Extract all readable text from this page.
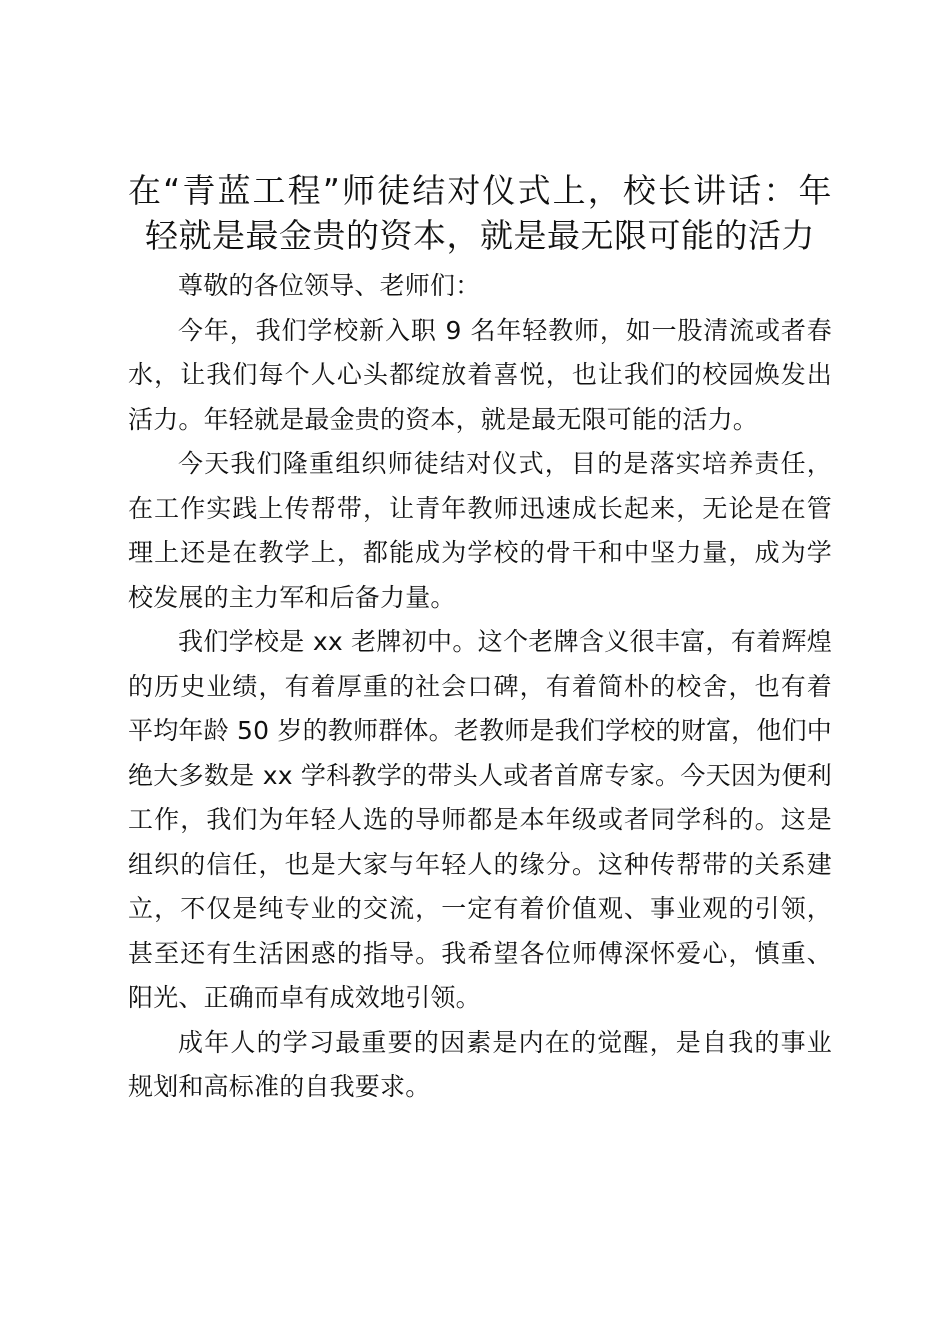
在“青蓝工程”师徒结对仪式上，校长讲话：年轻就是最金贵的资本，就是最无限可能的活力

尊敬的各位领导、老师们：

今年，我们学校新入职 9 名年轻教师，如一股清流或者春水，让我们每个人心头都绽放着喜悦，也让我们的校园焕发出活力。年轻就是最金贵的资本，就是最无限可能的活力。

今天我们隆重组织师徒结对仪式，目的是落实培养责任，在工作实践上传帮带，让青年教师迅速成长起来，无论是在管理上还是在教学上，都能成为学校的骨干和中坚力量，成为学校发展的主力军和后备力量。

我们学校是 xx 老牌初中。这个老牌含义很丰富，有着辉煌的历史业绩，有着厚重的社会口碑，有着简朴的校舍，也有着平均年龄 50 岁的教师群体。老教师是我们学校的财富，他们中绝大多数是 xx 学科教学的带头人或者首席专家。今天因为便利工作，我们为年轻人选的导师都是本年级或者同学科的。这是组织的信任，也是大家与年轻人的缘分。这种传帮带的关系建立，不仅是纯专业的交流，一定有着价值观、事业观的引领，甚至还有生活困惑的指导。我希望各位师傅深怀爱心，慎重、阳光、正确而卓有成效地引领。

成年人的学习最重要的因素是内在的觉醒，是自我的事业规划和高标准的自我要求。
